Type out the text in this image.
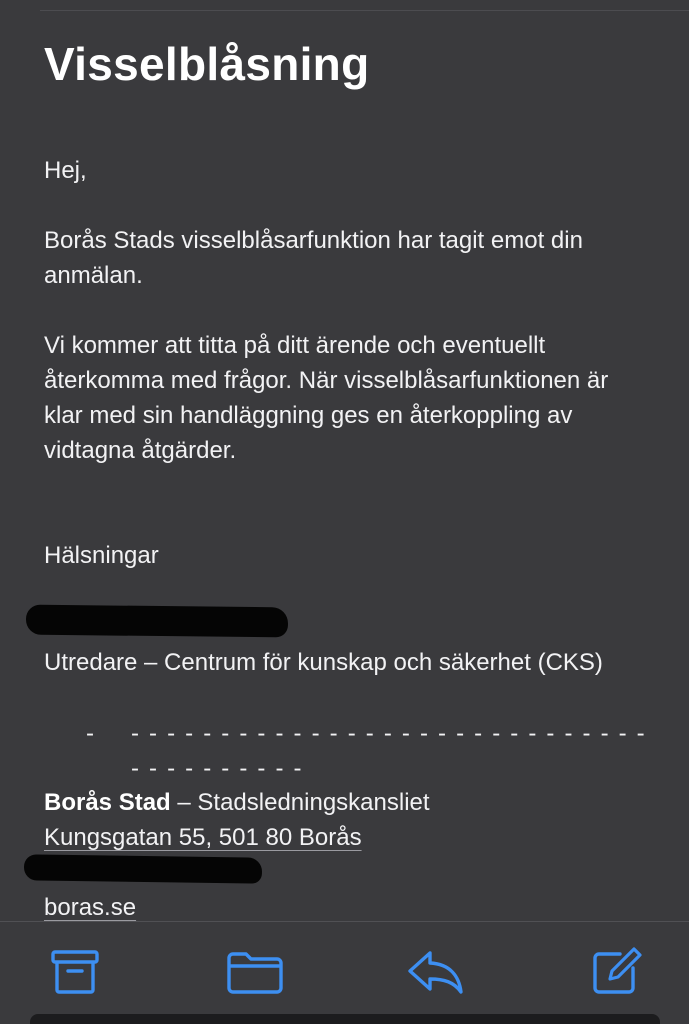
Visselblåsning

Hej,

Borås Stads visselblåsarfunktion har tagit emot din anmälan.

Vi kommer att titta på ditt ärende och eventuellt återkomma med frågor. När visselblåsarfunktionen är klar med sin handläggning ges en återkoppling av vidtagna åtgärder.

Hälsningar

Utredare – Centrum för kunskap och säkerhet (CKS)

- - - - - - - - - - - - - - - - - - - - - - - - - - - - - - - - - - - - - - - -

Borås Stad – Stadsledningskansliet

Kungsgatan 55, 501 80 Borås

boras.se
